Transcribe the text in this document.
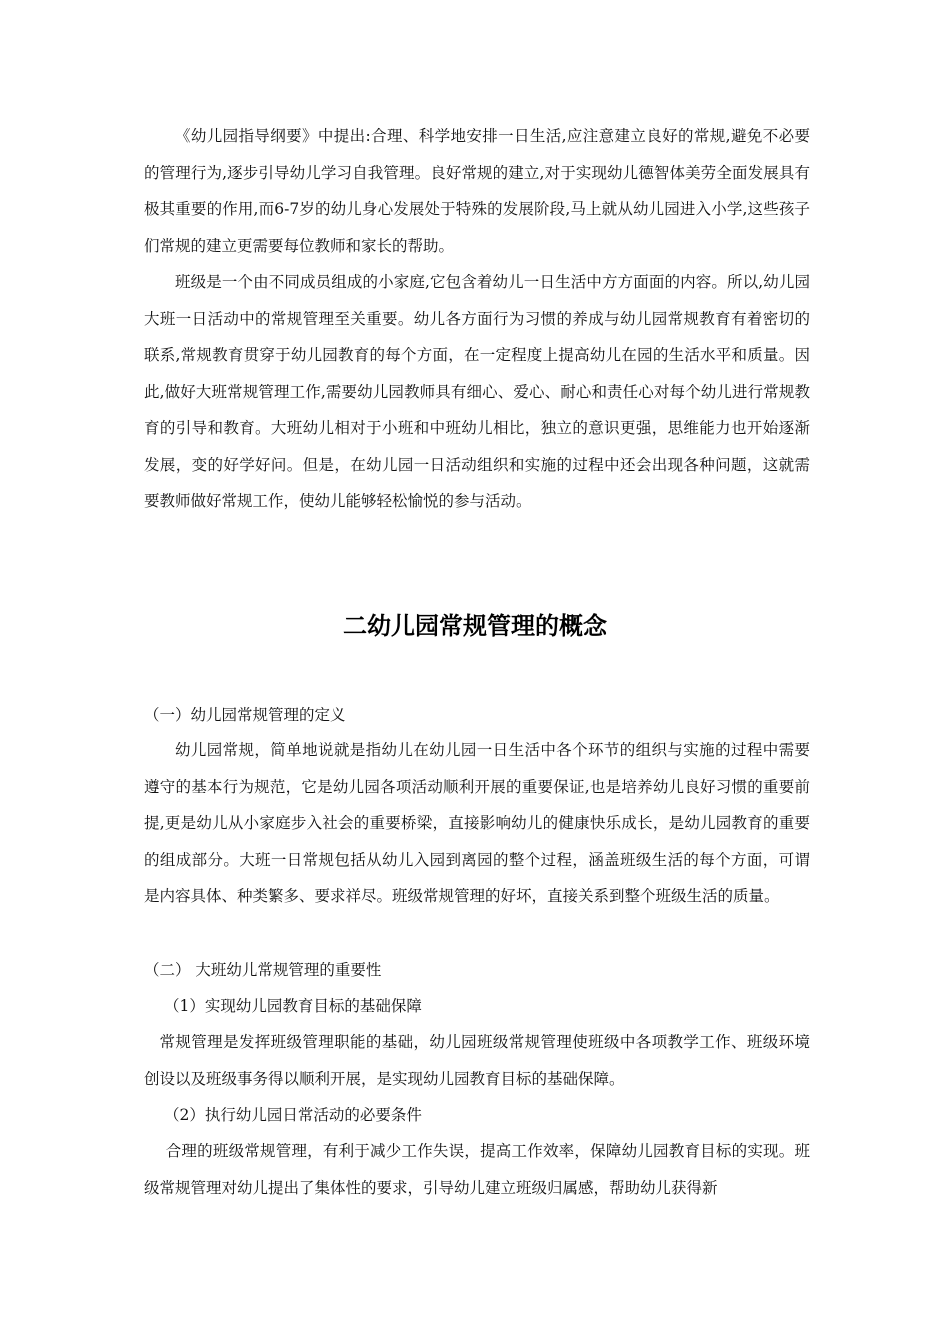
《幼儿园指导纲要》中提出:合理、科学地安排一日生活,应注意建立良好的常规,避免不必要的管理行为,逐步引导幼儿学习自我管理。良好常规的建立,对于实现幼儿德智体美劳全面发展具有极其重要的作用,而6-7岁的幼儿身心发展处于特殊的发展阶段,马上就从幼儿园进入小学,这些孩子们常规的建立更需要每位教师和家长的帮助。

班级是一个由不同成员组成的小家庭,它包含着幼儿一日生活中方方面面的内容。所以,幼儿园大班一日活动中的常规管理至关重要。幼儿各方面行为习惯的养成与幼儿园常规教育有着密切的联系,常规教育贯穿于幼儿园教育的每个方面，在一定程度上提高幼儿在园的生活水平和质量。因此,做好大班常规管理工作,需要幼儿园教师具有细心、爱心、耐心和责任心对每个幼儿进行常规教育的引导和教育。大班幼儿相对于小班和中班幼儿相比，独立的意识更强，思维能力也开始逐渐发展，变的好学好问。但是，在幼儿园一日活动组织和实施的过程中还会出现各种问题，这就需要教师做好常规工作，使幼儿能够轻松愉悦的参与活动。

二幼儿园常规管理的概念
（一）幼儿园常规管理的定义

幼儿园常规，简单地说就是指幼儿在幼儿园一日生活中各个环节的组织与实施的过程中需要遵守的基本行为规范，它是幼儿园各项活动顺利开展的重要保证,也是培养幼儿良好习惯的重要前提,更是幼儿从小家庭步入社会的重要桥梁，直接影响幼儿的健康快乐成长，是幼儿园教育的重要的组成部分。大班一日常规包括从幼儿入园到离园的整个过程，涵盖班级生活的每个方面，可谓是内容具体、种类繁多、要求祥尽。班级常规管理的好坏，直接关系到整个班级生活的质量。

（二） 大班幼儿常规管理的重要性
（1）实现幼儿园教育目标的基础保障

常规管理是发挥班级管理职能的基础，幼儿园班级常规管理使班级中各项教学工作、班级环境创设以及班级事务得以顺利开展，是实现幼儿园教育目标的基础保障。

（2）执行幼儿园日常活动的必要条件

合理的班级常规管理，有利于减少工作失误，提高工作效率，保障幼儿园教育目标的实现。班级常规管理对幼儿提出了集体性的要求，引导幼儿建立班级归属感，帮助幼儿获得新
